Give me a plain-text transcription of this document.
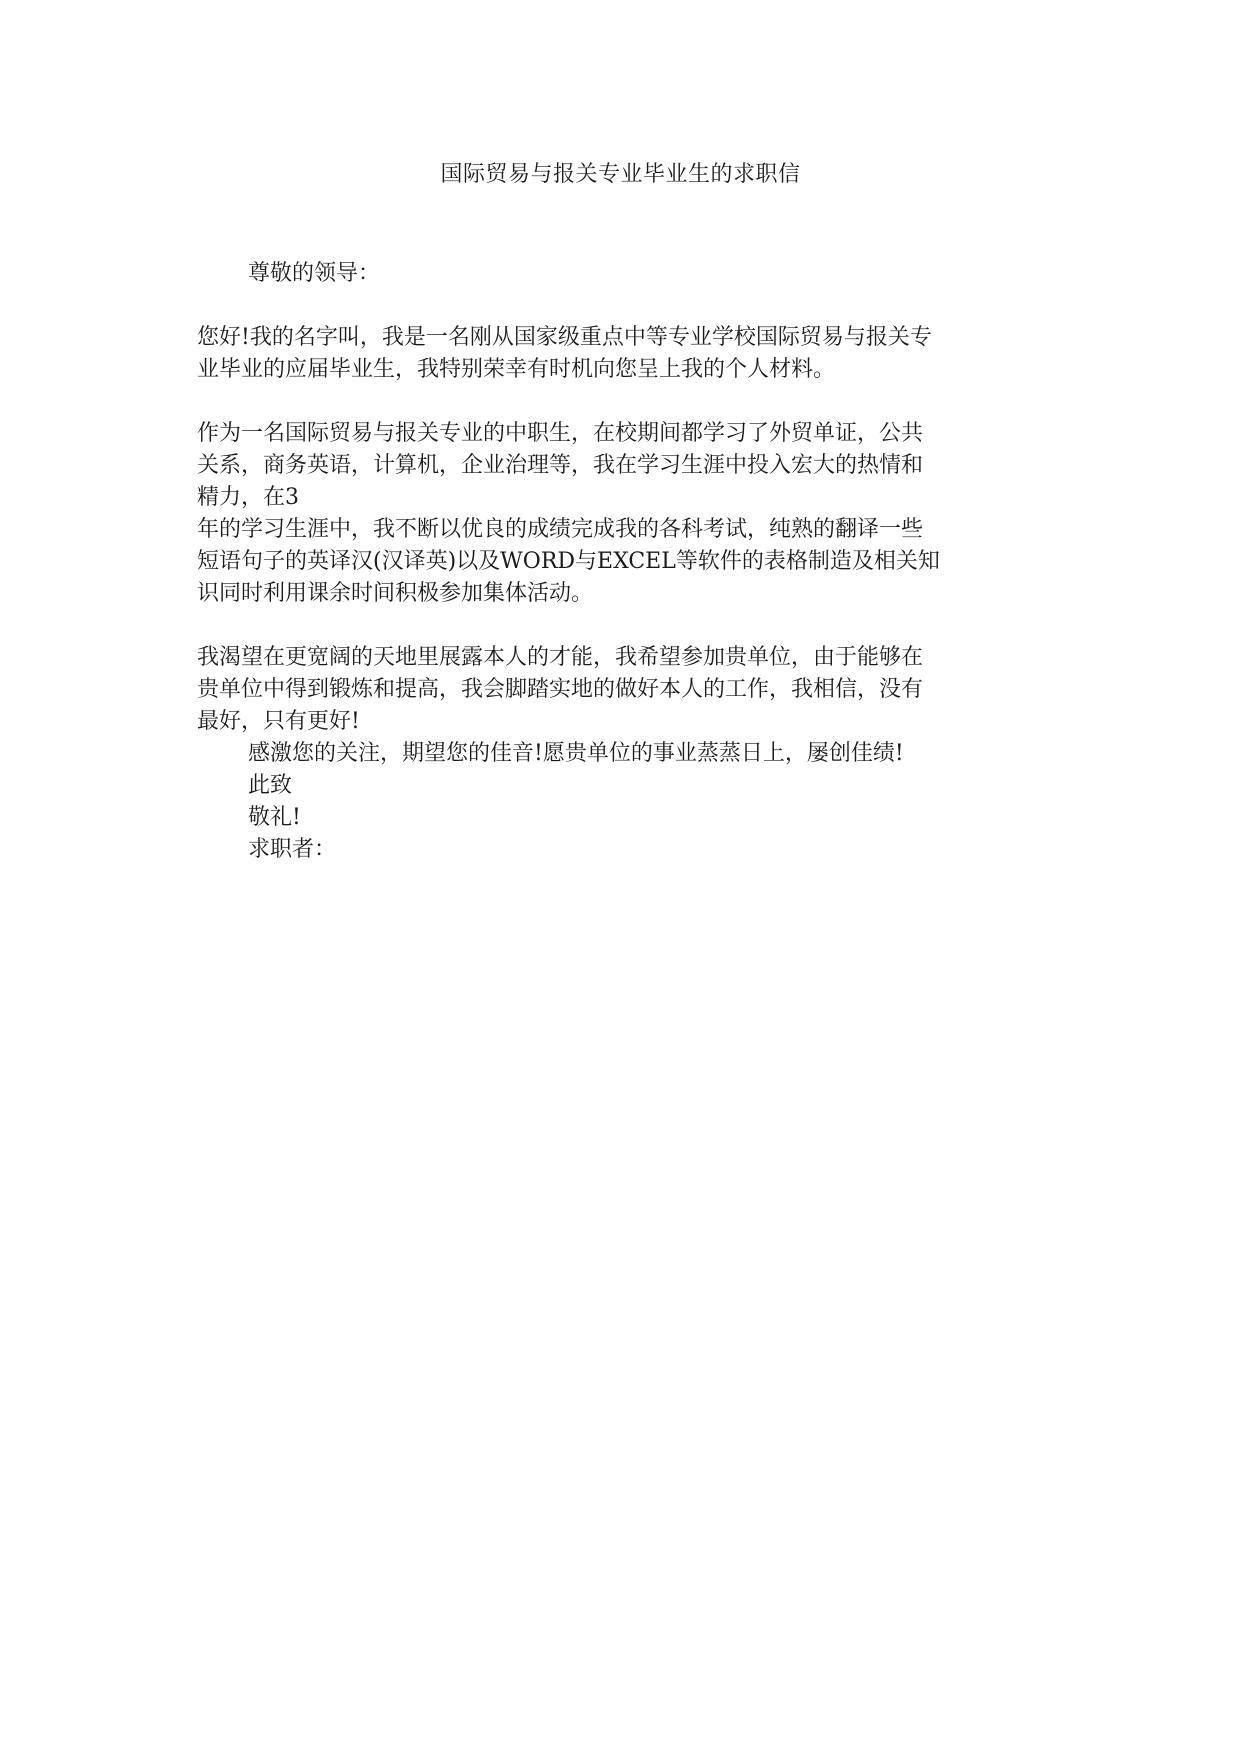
国际贸易与报关专业毕业生的求职信
尊敬的领导：

您好!我的名字叫，我是一名刚从国家级重点中等专业学校国际贸易与报关专
业毕业的应届毕业生，我特别荣幸有时机向您呈上我的个人材料。

作为一名国际贸易与报关专业的中职生，在校期间都学习了外贸单证，公共
关系，商务英语，计算机，企业治理等，我在学习生涯中投入宏大的热情和
精力，在3
年的学习生涯中，我不断以优良的成绩完成我的各科考试，纯熟的翻译一些
短语句子的英译汉(汉译英)以及WORD与EXCEL等软件的表格制造及相关知
识同时利用课余时间积极参加集体活动。

我渴望在更宽阔的天地里展露本人的才能，我希望参加贵单位，由于能够在
贵单位中得到锻炼和提高，我会脚踏实地的做好本人的工作，我相信，没有
最好，只有更好!

感激您的关注，期望您的佳音!愿贵单位的事业蒸蒸日上，屡创佳绩!
此致
敬礼!
求职者：
